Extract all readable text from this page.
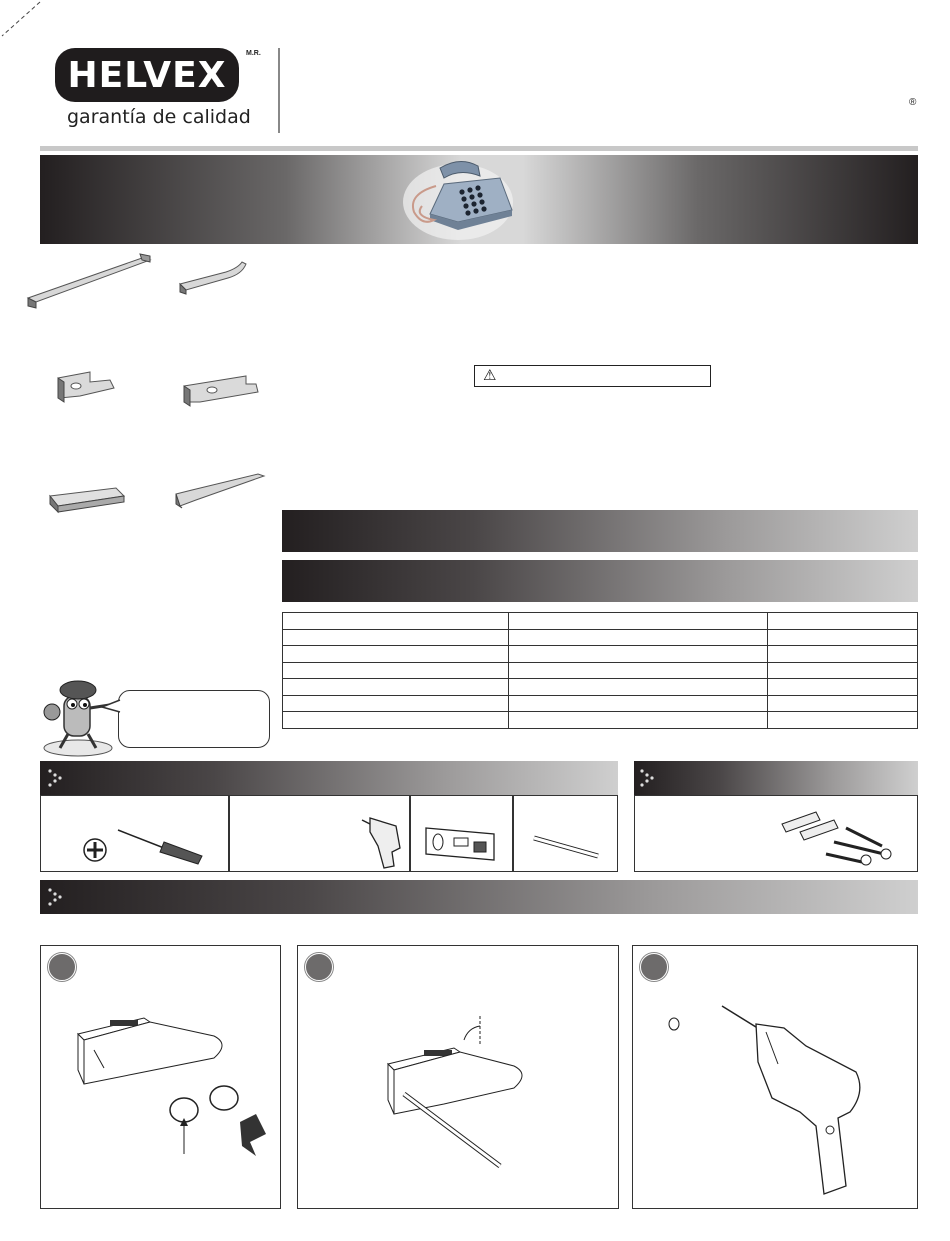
HELVEX
M.R.
garantía de calidad
®
⚠
